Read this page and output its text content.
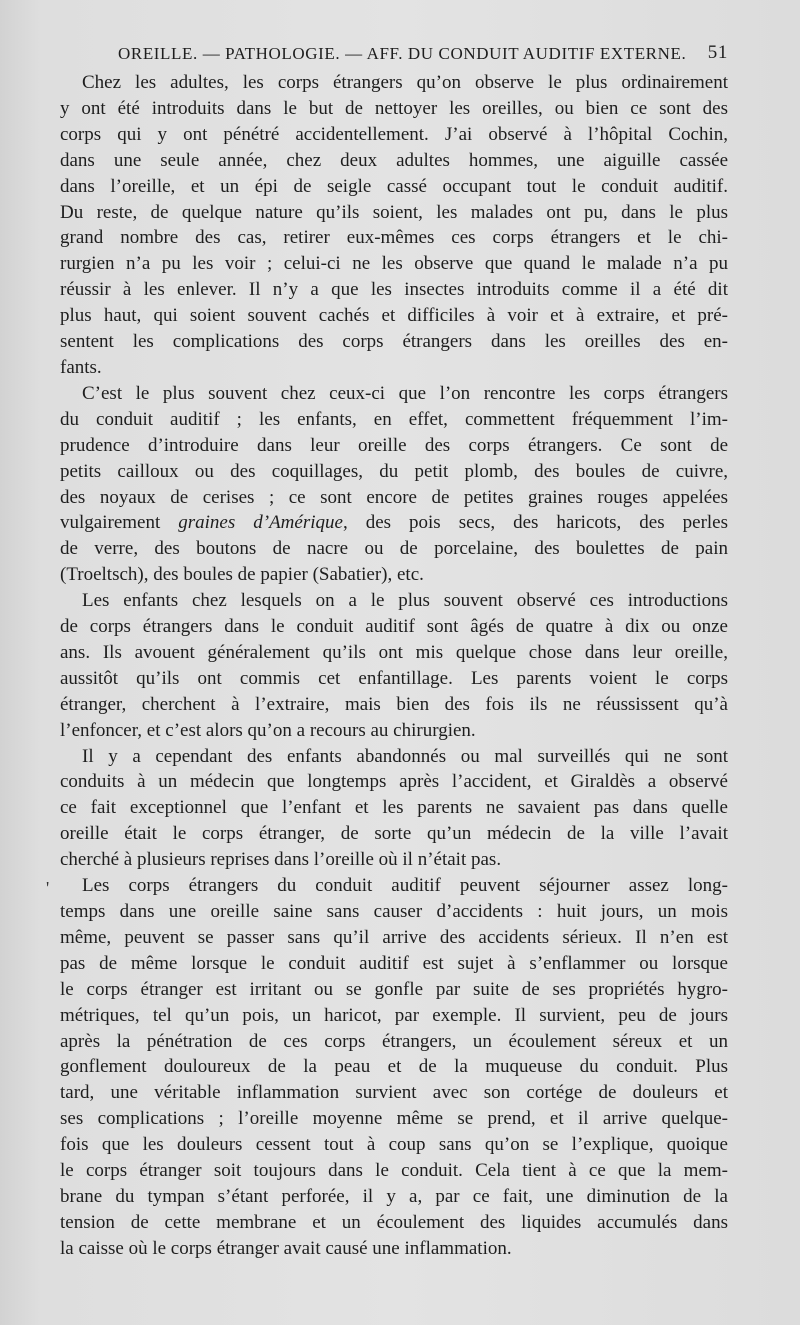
OREILLE. — PATHOLOGIE. — AFF. DU CONDUIT AUDITIF EXTERNE. 51
'

Chez les adultes, les corps étrangers qu’on observe le plus ordinairement
y ont été introduits dans le but de nettoyer les oreilles, ou bien ce sont des
corps qui y ont pénétré accidentellement. J’ai observé à l’hôpital Cochin,
dans une seule année, chez deux adultes hommes, une aiguille cassée
dans l’oreille, et un épi de seigle cassé occupant tout le conduit auditif.
Du reste, de quelque nature qu’ils soient, les malades ont pu, dans le plus
grand nombre des cas, retirer eux-mêmes ces corps étrangers et le chi-
rurgien n’a pu les voir ; celui-ci ne les observe que quand le malade n’a pu
réussir à les enlever. Il n’y a que les insectes introduits comme il a été dit
plus haut, qui soient souvent cachés et difficiles à voir et à extraire, et pré-
sentent les complications des corps étrangers dans les oreilles des en-
fants.

C’est le plus souvent chez ceux-ci que l’on rencontre les corps étrangers
du conduit auditif ; les enfants, en effet, commettent fréquemment l’im-
prudence d’introduire dans leur oreille des corps étrangers. Ce sont de
petits cailloux ou des coquillages, du petit plomb, des boules de cuivre,
des noyaux de cerises ; ce sont encore de petites graines rouges appelées
vulgairement graines d’Amérique, des pois secs, des haricots, des perles
de verre, des boutons de nacre ou de porcelaine, des boulettes de pain
(Troeltsch), des boules de papier (Sabatier), etc.

Les enfants chez lesquels on a le plus souvent observé ces introductions
de corps étrangers dans le conduit auditif sont âgés de quatre à dix ou onze
ans. Ils avouent généralement qu’ils ont mis quelque chose dans leur oreille,
aussitôt qu’ils ont commis cet enfantillage. Les parents voient le corps
étranger, cherchent à l’extraire, mais bien des fois ils ne réussissent qu’à
l’enfoncer, et c’est alors qu’on a recours au chirurgien.

Il y a cependant des enfants abandonnés ou mal surveillés qui ne sont
conduits à un médecin que longtemps après l’accident, et Giraldès a observé
ce fait exceptionnel que l’enfant et les parents ne savaient pas dans quelle
oreille était le corps étranger, de sorte qu’un médecin de la ville l’avait
cherché à plusieurs reprises dans l’oreille où il n’était pas.

Les corps étrangers du conduit auditif peuvent séjourner assez long-
temps dans une oreille saine sans causer d’accidents : huit jours, un mois
même, peuvent se passer sans qu’il arrive des accidents sérieux. Il n’en est
pas de même lorsque le conduit auditif est sujet à s’enflammer ou lorsque
le corps étranger est irritant ou se gonfle par suite de ses propriétés hygro-
métriques, tel qu’un pois, un haricot, par exemple. Il survient, peu de jours
après la pénétration de ces corps étrangers, un écoulement séreux et un
gonflement douloureux de la peau et de la muqueuse du conduit. Plus
tard, une véritable inflammation survient avec son cortége de douleurs et
ses complications ; l’oreille moyenne même se prend, et il arrive quelque-
fois que les douleurs cessent tout à coup sans qu’on se l’explique, quoique
le corps étranger soit toujours dans le conduit. Cela tient à ce que la mem-
brane du tympan s’étant perforée, il y a, par ce fait, une diminution de la
tension de cette membrane et un écoulement des liquides accumulés dans
la caisse où le corps étranger avait causé une inflammation.
